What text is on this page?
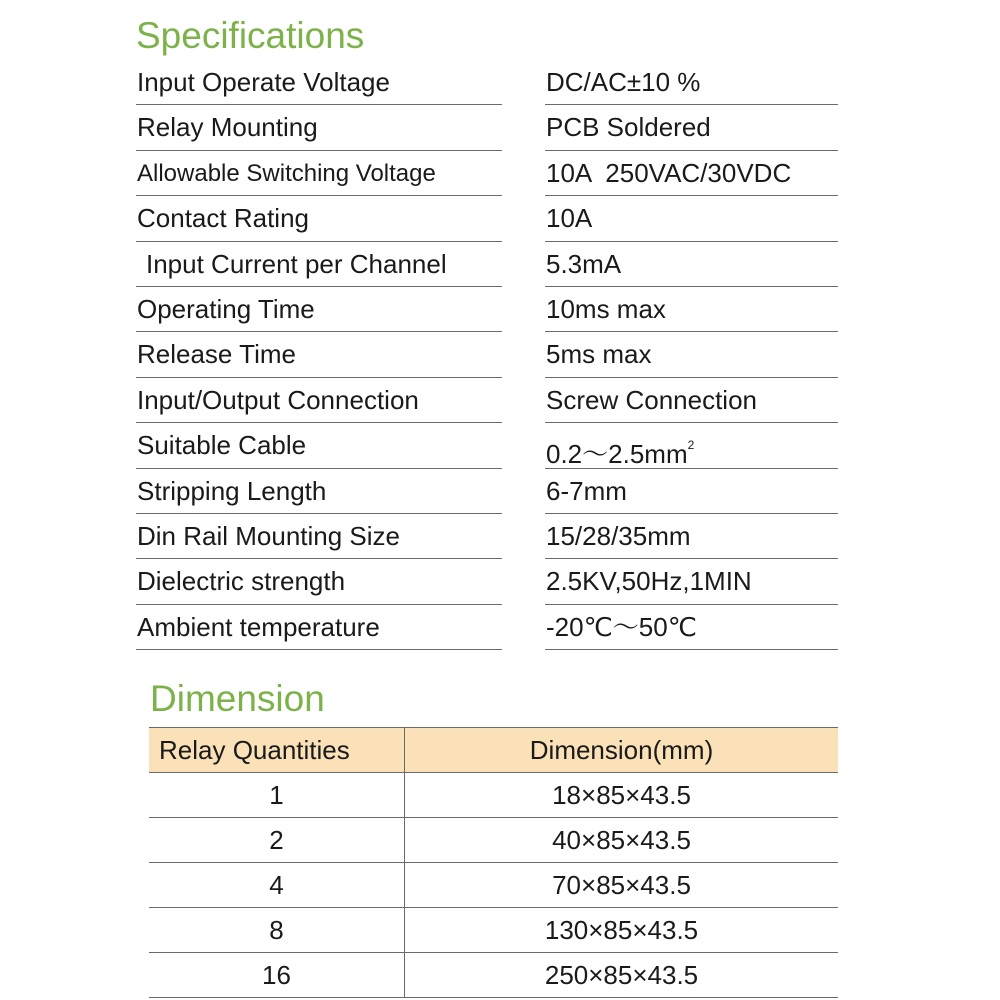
Specifications
Input Operate Voltage	DC/AC±10 %
Relay Mounting	PCB Soldered
Allowable Switching Voltage	10A  250VAC/30VDC
Contact Rating	10A
Input Current per Channel	5.3mA
Operating Time	10ms max
Release Time	5ms max
Input/Output Connection	Screw Connection
Suitable Cable	$0.2\sim 2.5mm^2$
Stripping Length	6-7mm
Din Rail Mounting Size	15/28/35mm
Dielectric strength	2.5KV,50Hz,1MIN
Ambient temperature	-20℃～50℃
Dimension
Relay Quantities	Dimension(mm)
1	18×85×43.5
2	40×85×43.5
4	70×85×43.5
8	130×85×43.5
16	250×85×43.5
